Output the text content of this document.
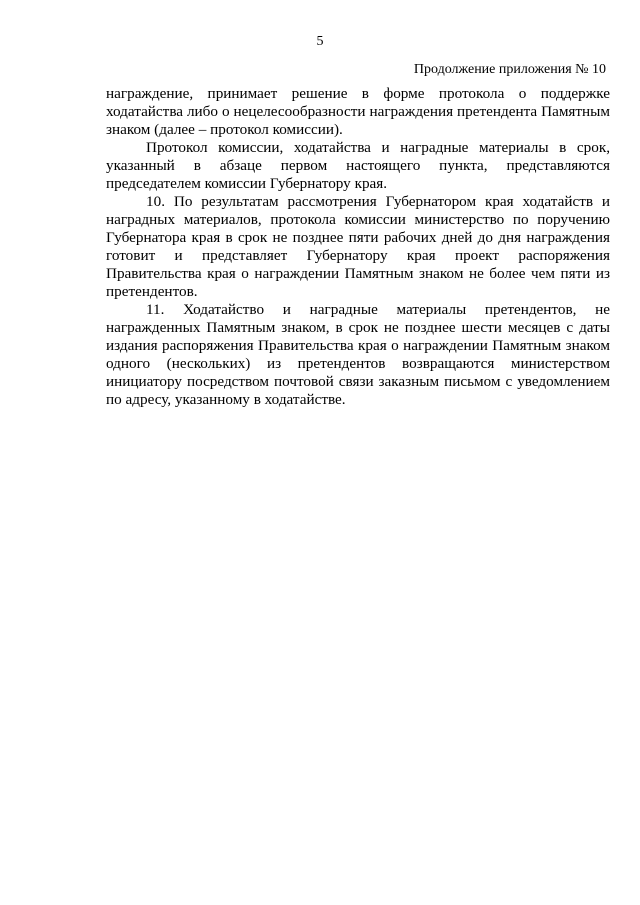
5
Продолжение приложения № 10

награждение, принимает решение в форме протокола о поддержке ходатайства либо о нецелесообразности награждения претендента Памятным знаком (далее – протокол комиссии).

Протокол комиссии, ходатайства и наградные материалы в срок, указанный в абзаце первом настоящего пункта, представляются председателем комиссии Губернатору края.

10. По результатам рассмотрения Губернатором края ходатайств и наградных материалов, протокола комиссии министерство по поручению Губернатора края в срок не позднее пяти рабочих дней до дня награждения готовит и представляет Губернатору края проект распоряжения Правительства края о награждении Памятным знаком не более чем пяти из претендентов.

11. Ходатайство и наградные материалы претендентов, не награжденных Памятным знаком, в срок не позднее шести месяцев с даты издания распоряжения Правительства края о награждении Памятным знаком одного (нескольких) из претендентов возвращаются министерством инициатору посредством почтовой связи заказным письмом с уведомлением по адресу, указанному в ходатайстве.
